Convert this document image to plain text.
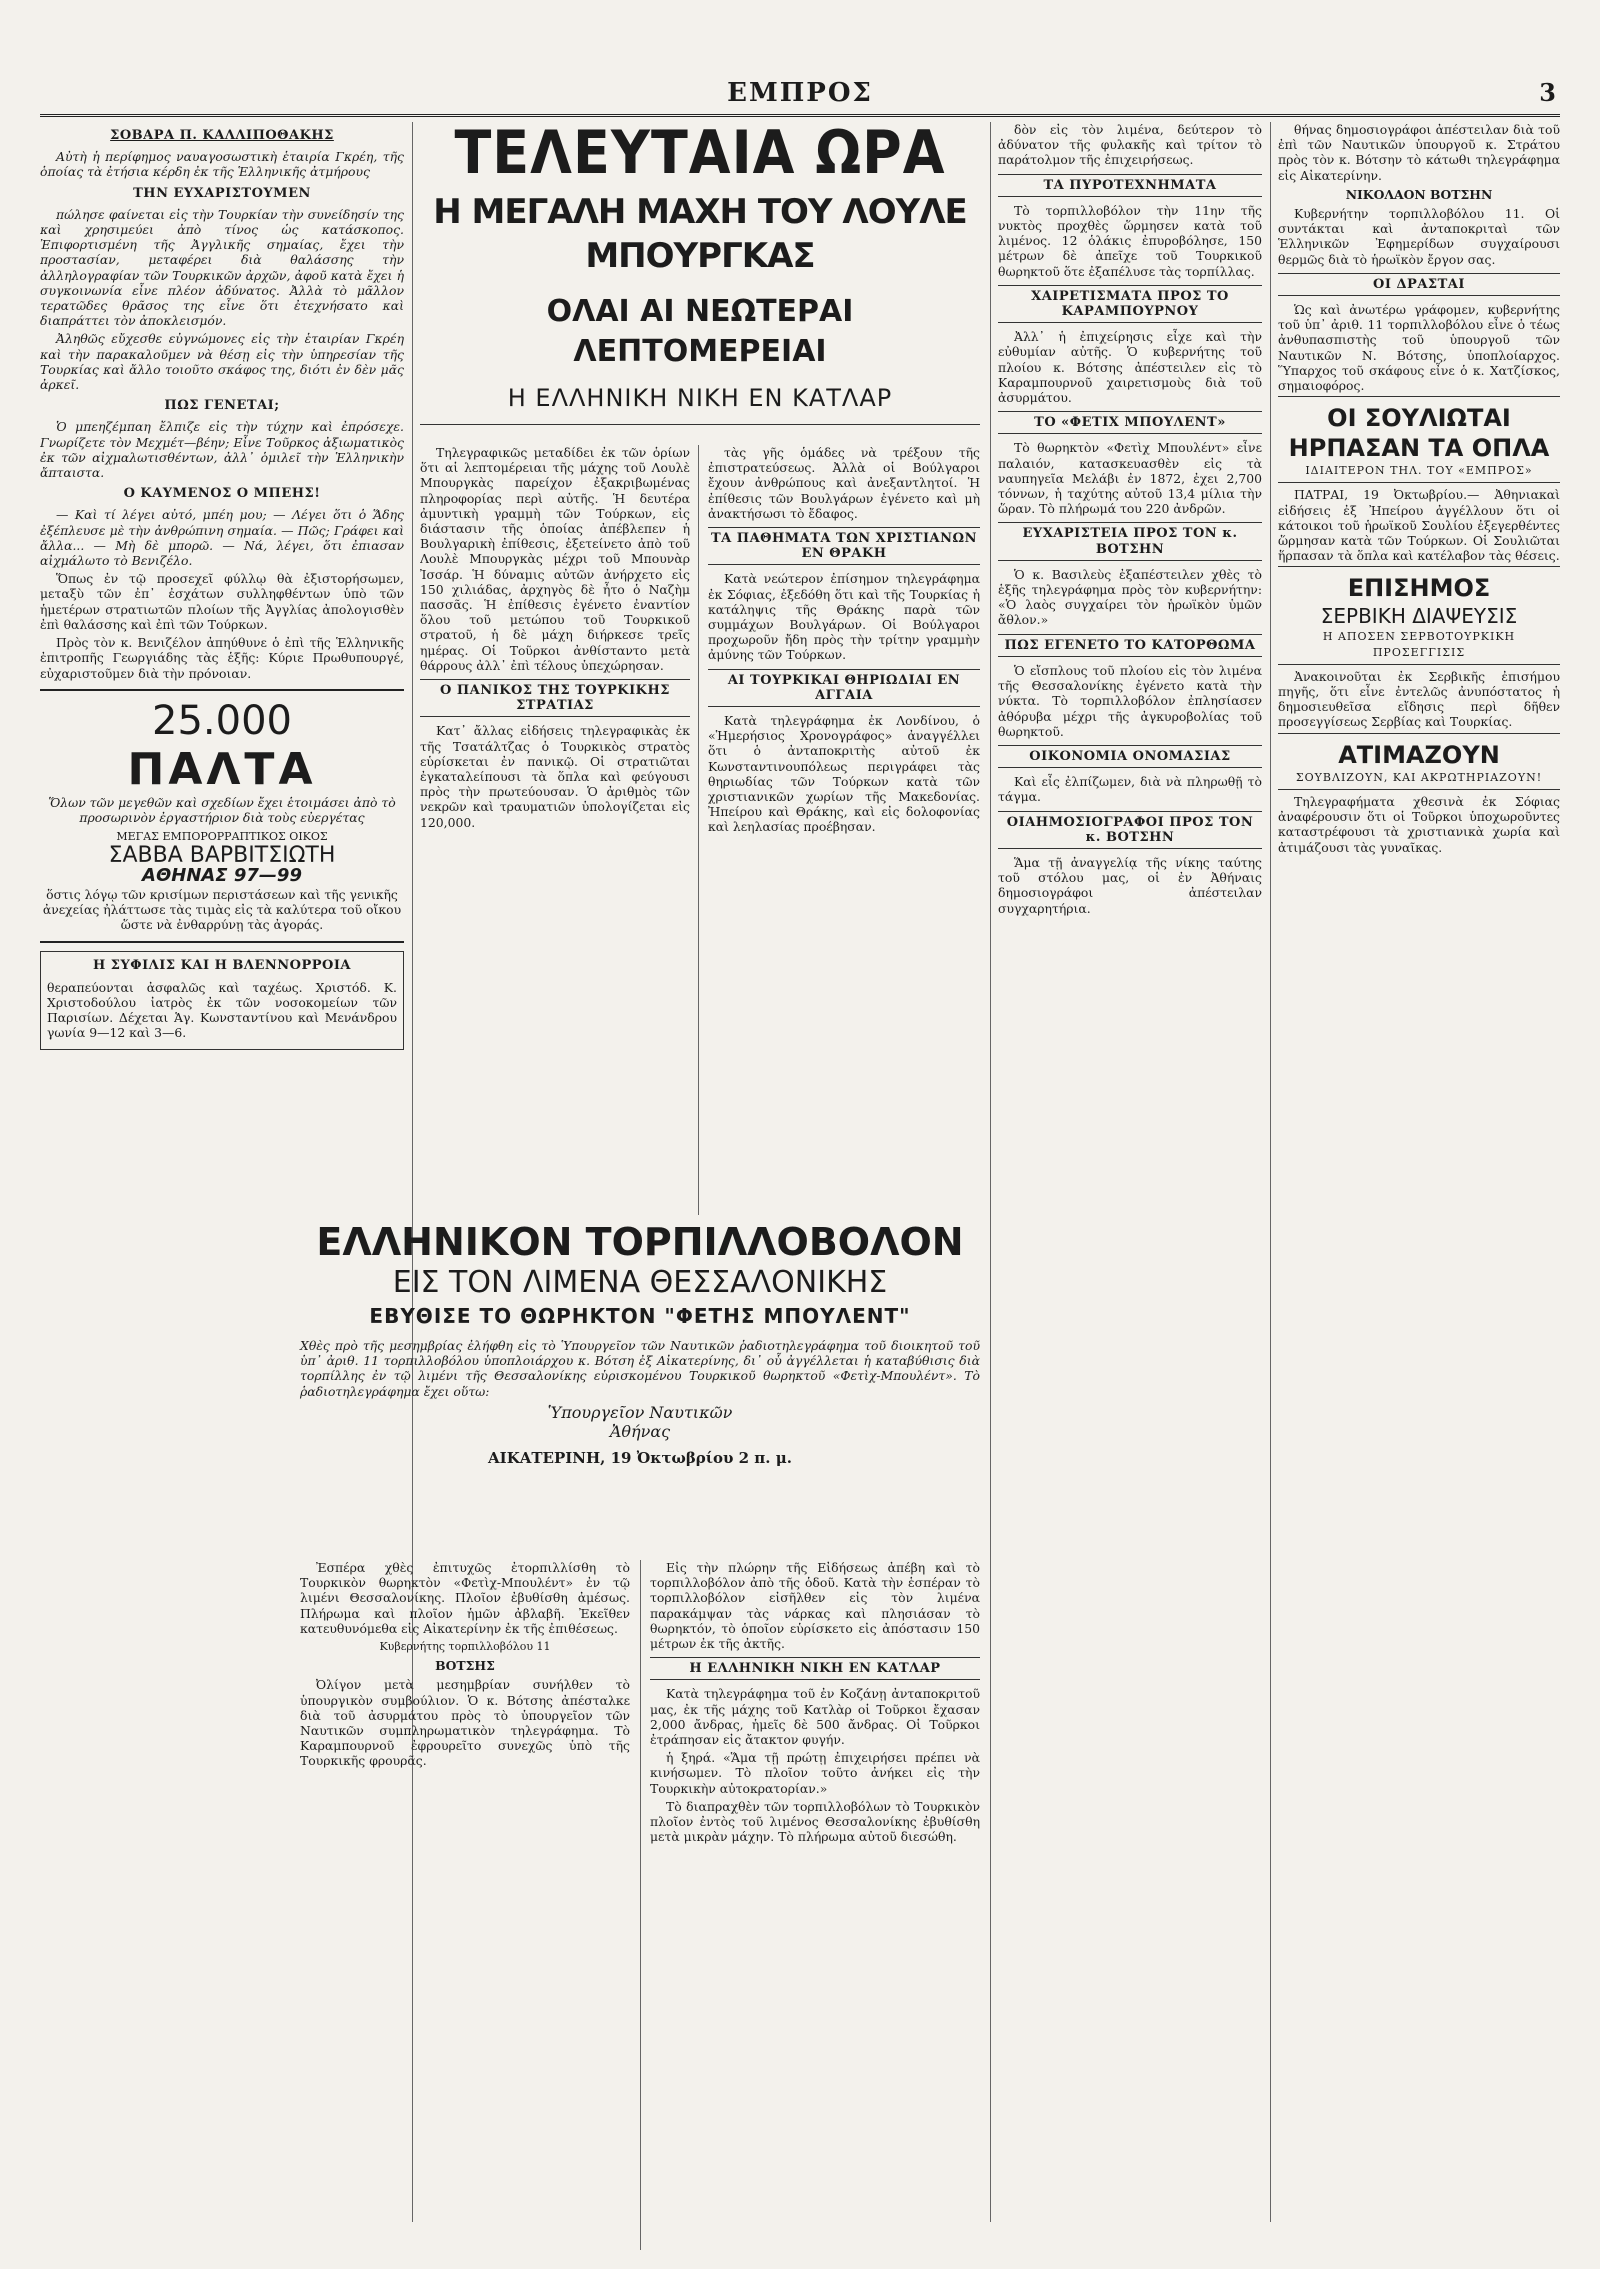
ΕΜΠΡΟΣ	3
ΣΟΒΑΡΑ Π. ΚΑΛΛΙΠΟΘΑΚΗΣ
Αὐτὴ ἡ περίφημος ναυαγοσωστικὴ ἑταιρία Γκρέη, τῆς ὁποίας τὰ ἐτήσια κέρδη ἐκ τῆς Ἑλληνικῆς ἀτμήρους
ΤΗΝ ΕΥΧΑΡΙΣΤΟΥΜΕΝ
πώλησε φαίνεται εἰς τὴν Τουρκίαν τὴν συνείδησίν της καὶ χρησιμεύει ἀπὸ τίνος ὡς κατάσκοπος. Ἐπιφορτισμένη τῆς Ἀγγλικῆς σημαίας, ἔχει τὴν προστασίαν, μεταφέρει διὰ θαλάσσης τὴν ἀλληλογραφίαν τῶν Τουρκικῶν ἀρχῶν, ἀφοῦ κατὰ ἔχει ἡ συγκοινωνία εἶνε πλέον ἀδύνατος. Ἀλλὰ τὸ μᾶλλον τερατῶδες θρᾶσος της εἶνε ὅτι ἐτεχνήσατο καὶ διαπράττει τὸν ἀποκλεισμόν.
Ἀληθῶς εὔχεσθε εὐγνώμονες εἰς τὴν ἑταιρίαν Γκρέη καὶ τὴν παρακαλοῦμεν νὰ θέσῃ εἰς τὴν ὑπηρεσίαν τῆς Τουρκίας καὶ ἄλλο τοιοῦτο σκάφος της, διότι ἐν δὲν μᾶς ἀρκεῖ.
ΠΩΣ ΓΕΝΕΤΑΙ;
Ὁ μπεηζέμπαη ἔλπιζε εἰς τὴν τύχην καὶ ἐπρόσεχε. Γνωρίζετε τὸν Μεχμέτ—βέην; Εἶνε Τοῦρκος ἀξιωματικὸς ἐκ τῶν αἰχμαλωτισθέντων, ἀλλ᾽ ὁμιλεῖ τὴν Ἑλληνικὴν ἄπταιστα.
Ο ΚΑΥΜΕΝΟΣ Ο ΜΠΕΗΣ!
— Καὶ τί λέγει αὐτό, μπέη μου; — Λέγει ὅτι ὁ Ἅδης ἐξέπλευσε μὲ τὴν ἀνθρώπινη σημαία. — Πῶς; Γράφει καὶ ἄλλα... — Μὴ δὲ μπορῶ. — Νά, λέγει, ὅτι ἐπιασαν αἰχμάλωτο τὸ Βενιζέλο.
Ὅπως ἐν τῷ προσεχεῖ φύλλῳ θὰ ἐξιστορήσωμεν, μεταξὺ τῶν ἐπ᾽ ἐσχάτων συλληφθέντων ὑπὸ τῶν ἡμετέρων στρατιωτῶν πλοίων τῆς Ἀγγλίας ἀπολογισθὲν ἐπὶ θαλάσσης καὶ ἐπὶ τῶν Τούρκων.
Πρὸς τὸν κ. Βενιζέλον ἀπηύθυνε ὁ ἐπὶ τῆς Ἑλληνικῆς ἐπιτροπῆς Γεωργιάδης τὰς ἑξῆς: Κύριε Πρωθυπουργέ, εὐχαριστοῦμεν διὰ τὴν πρόνοιαν.
25.000
ΠΑΛΤΑ
Ὅλων τῶν μεγεθῶν καὶ σχεδίων ἔχει ἑτοιμάσει ἀπὸ τὸ προσωρινὸν ἐργαστήριον διὰ τοὺς εὐεργέτας
ΜΕΓΑΣ ΕΜΠΟΡΟΡΡΑΠΤΙΚΟΣ ΟΙΚΟΣ
ΣΑΒΒΑ ΒΑΡΒΙΤΣΙΩΤΗ
ΑΘΗΝΑΣ 97—99
ὅστις λόγῳ τῶν κρισίμων περιστάσεων καὶ τῆς γενικῆς ἀνεχείας ἠλάττωσε τὰς τιμὰς εἰς τὰ καλύτερα τοῦ οἴκου ὥστε νὰ ἐνθαρρύνῃ τὰς ἀγοράς.
Η ΣΥΦΙΛΙΣ ΚΑΙ Η ΒΛΕΝΝΟΡΡΟΙΑ
θεραπεύονται ἀσφαλῶς καὶ ταχέως. Χριστόδ. Κ. Χριστοδούλου ἰατρὸς ἐκ τῶν νοσοκομείων τῶν Παρισίων. Δέχεται Ἁγ. Κωνσταντίνου καὶ Μενάνδρου γωνία 9—12 καὶ 3—6.
ΤΕΛΕΥΤΑΙΑ ΩΡΑ
Η ΜΕΓΑΛΗ ΜΑΧΗ ΤΟΥ ΛΟΥΛΕ ΜΠΟΥΡΓΚΑΣ
ΟΛΑΙ ΑΙ ΝΕΩΤΕΡΑΙ ΛΕΠΤΟΜΕΡΕΙΑΙ
Η ΕΛΛΗΝΙΚΗ ΝΙΚΗ ΕΝ ΚΑΤΛΑΡ
Τηλεγραφικῶς μεταδίδει ἐκ τῶν ὁρίων ὅτι αἱ λεπτομέρειαι τῆς μάχης τοῦ Λουλὲ Μπουργκὰς παρείχον ἐξακριβωμένας πληροφορίας περὶ αὐτῆς. Ἡ δευτέρα ἀμυντικὴ γραμμὴ τῶν Τούρκων, εἰς διάστασιν τῆς ὁποίας ἀπέβλεπεν ἡ Βουλγαρικὴ ἐπίθεσις, ἐξετείνετο ἀπὸ τοῦ Λουλὲ Μπουργκὰς μέχρι τοῦ Μπουνὰρ Ἰσσάρ. Ἡ δύναμις αὐτῶν ἀνήρχετο εἰς 150 χιλιάδας, ἀρχηγὸς δὲ ἦτο ὁ Ναζὴμ πασσᾶς. Ἡ ἐπίθεσις ἐγένετο ἐναντίον ὅλου τοῦ μετώπου τοῦ Τουρκικοῦ στρατοῦ, ἡ δὲ μάχη διήρκεσε τρεῖς ημέρας. Οἱ Τοῦρκοι ἀνθίσταντο μετὰ θάρρους ἀλλ᾽ ἐπὶ τέλους ὑπεχώρησαν.
Ο ΠΑΝΙΚΟΣ ΤΗΣ ΤΟΥΡΚΙΚΗΣ ΣΤΡΑΤΙΑΣ
Κατ᾽ ἄλλας εἰδήσεις τηλεγραφικὰς ἐκ τῆς Τσατάλτζας ὁ Τουρκικὸς στρατὸς εὑρίσκεται ἐν πανικῷ. Οἱ στρατιῶται ἐγκαταλείπουσι τὰ ὅπλα καὶ φεύγουσι πρὸς τὴν πρωτεύουσαν. Ὁ ἀριθμὸς τῶν νεκρῶν καὶ τραυματιῶν ὑπολογίζεται εἰς 120,000.
τὰς γῆς ὁμάδες νὰ τρέξουν τῆς ἐπιστρατεύσεως. Ἀλλὰ οἱ Βούλγαροι ἔχουν ἀνθρώπους καὶ ἀνεξαντλητοί. Ἡ ἐπίθεσις τῶν Βουλγάρων ἐγένετο καὶ μὴ ἀνακτήσωσι τὸ ἔδαφος.
ΤΑ ΠΑΘΗΜΑΤΑ ΤΩΝ ΧΡΙΣΤΙΑΝΩΝ ΕΝ ΘΡΑΚΗ
Κατὰ νεώτερον ἐπίσημον τηλεγράφημα ἐκ Σόφιας, ἐξεδόθη ὅτι καὶ τῆς Τουρκίας ἡ κατάληψις τῆς Θράκης παρὰ τῶν συμμάχων Βουλγάρων. Οἱ Βούλγαροι προχωροῦν ἤδη πρὸς τὴν τρίτην γραμμὴν ἀμύνης τῶν Τούρκων.
ΑΙ ΤΟΥΡΚΙΚΑΙ ΘΗΡΙΩΔΙΑΙ ΕΝ ΑΓΓΑΙΑ
Κατὰ τηλεγράφημα ἐκ Λονδίνου, ὁ «Ἡμερήσιος Χρονογράφος» ἀναγγέλλει ὅτι ὁ ἀνταποκριτὴς αὐτοῦ ἐκ Κωνσταντινουπόλεως περιγράφει τὰς θηριωδίας τῶν Τούρκων κατὰ τῶν χριστιανικῶν χωρίων τῆς Μακεδονίας. Ἠπείρου καὶ Θράκης, καὶ εἰς δολοφονίας καὶ λεηλασίας προέβησαν.
δὸν εἰς τὸν λιμένα, δεύτερον τὸ ἀδύνατον τῆς φυλακῆς καὶ τρίτον τὸ παράτολμον τῆς ἐπιχειρήσεως.
ΤΑ ΠΥΡΟΤΕΧΝΗΜΑΤΑ
Τὸ τορπιλλοβόλον τὴν 11ην τῆς νυκτὸς προχθὲς ὥρμησεν κατὰ τοῦ λιμένος. 12 ὁλάκις ἐπυροβόλησε, 150 μέτρων δὲ ἀπεῖχε τοῦ Τουρκικοῦ θωρηκτοῦ ὅτε ἐξαπέλυσε τὰς τορπίλλας.
ΧΑΙΡΕΤΙΣΜΑΤΑ ΠΡΟΣ ΤΟ ΚΑΡΑΜΠΟΥΡΝΟΥ
Ἀλλ᾽ ἡ ἐπιχείρησις εἶχε καὶ τὴν εὐθυμίαν αὐτῆς. Ὁ κυβερνήτης τοῦ πλοίου κ. Βότσης ἀπέστειλεν εἰς τὸ Καραμπουρνοῦ χαιρετισμοὺς διὰ τοῦ ἀσυρμάτου.
ΤΟ «ΦΕΤΙΧ ΜΠΟΥΛΕΝΤ»
Τὸ θωρηκτὸν «Φετὶχ Μπουλέντ» εἶνε παλαιόν, κατασκευασθὲν εἰς τὰ ναυπηγεῖα Μελάβι ἐν 1872, ἐχει 2,700 τόννων, ἡ ταχύτης αὐτοῦ 13,4 μίλια τὴν ὥραν. Τὸ πλήρωμά του 220 ἀνδρῶν.
ΕΥΧΑΡΙΣΤΕΙΑ ΠΡΟΣ ΤΟΝ κ. ΒΟΤΣΗΝ
Ὁ κ. Βασιλεὺς ἐξαπέστειλεν χθὲς τὸ ἑξῆς τηλεγράφημα πρὸς τὸν κυβερνήτην: «Ὁ λαὸς συγχαίρει τὸν ἡρωϊκὸν ὑμῶν ἄθλον.»
ΠΩΣ ΕΓΕΝΕΤΟ ΤΟ ΚΑΤΟΡΘΩΜΑ
Ὁ εἴσπλους τοῦ πλοίου εἰς τὸν λιμένα τῆς Θεσσαλονίκης ἐγένετο κατὰ τὴν νύκτα. Τὸ τορπιλλοβόλον ἐπλησίασεν ἀθόρυβα μέχρι τῆς ἀγκυροβολίας τοῦ θωρηκτοῦ.
ΟΙΚΟΝΟΜΙΑ ΟΝΟΜΑΣΙΑΣ
Καὶ εἶς ἐλπίζωμεν, διὰ νὰ πληρωθῇ τὸ τάγμα.
ΟΙΑΗΜΟΣΙΟΓΡΑΦΟΙ ΠΡΟΣ ΤΟΝ κ. ΒΟΤΣΗΝ
Ἅμα τῇ ἀναγγελίᾳ τῆς νίκης ταύτης τοῦ στόλου μας, οἱ ἐν Ἀθήναις δημοσιογράφοι ἀπέστειλαν συγχαρητήρια.
θήνας δημοσιογράφοι ἀπέστειλαν διὰ τοῦ ἐπὶ τῶν Ναυτικῶν ὑπουργοῦ κ. Στράτου πρὸς τὸν κ. Βότσην τὸ κάτωθι τηλεγράφημα εἰς Αἰκατερίνην.
ΝΙΚΟΛΑΟΝ ΒΟΤΣΗΝ
Κυβερνήτην τορπιλλοβόλου 11. Οἱ συντάκται καὶ ἀνταποκριταὶ τῶν Ἑλληνικῶν Ἐφημερίδων συγχαίρουσι θερμῶς διὰ τὸ ἡρωϊκὸν ἔργον σας.
ΟΙ ΔΡΑΣΤΑΙ
Ὡς καὶ ἀνωτέρω γράφομεν, κυβερνήτης τοῦ ὑπ᾽ ἀριθ. 11 τορπιλλοβόλου εἶνε ὁ τέως ἀνθυπασπιστὴς τοῦ ὑπουργοῦ τῶν Ναυτικῶν Ν. Βότσης, ὑποπλοίαρχος. Ὕπαρχος τοῦ σκάφους εἶνε ὁ κ. Χατζίσκος, σημαιοφόρος.
ΟΙ ΣΟΥΛΙΩΤΑΙ ΗΡΠΑΣΑΝ ΤΑ ΟΠΛΑ
ΙΔΙΑΙΤΕΡΟΝ ΤΗΛ. ΤΟΥ «ΕΜΠΡΟΣ»
ΠΑΤΡΑΙ, 19 Ὀκτωβρίου.— Ἀθηνιακαὶ εἰδήσεις ἐξ Ἠπείρου ἀγγέλλουν ὅτι οἱ κάτοικοι τοῦ ἡρωϊκοῦ Σουλίου ἐξεγερθέντες ὥρμησαν κατὰ τῶν Τούρκων. Οἱ Σουλιῶται ἥρπασαν τὰ ὅπλα καὶ κατέλαβον τὰς θέσεις.
ΕΠΙΣΗΜΟΣ
ΣΕΡΒΙΚΗ ΔΙΑΨΕΥΣΙΣ
Η ΑΠΟΣΕΝ ΣΕΡΒΟΤΟΥΡΚΙΚΗ ΠΡΟΣΕΓΓΙΣΙΣ
Ἀνακοινοῦται ἐκ Σερβικῆς ἐπισήμου πηγῆς, ὅτι εἶνε ἐντελῶς ἀνυπόστατος ἡ δημοσιευθεῖσα εἴδησις περὶ δῆθεν προσεγγίσεως Σερβίας καὶ Τουρκίας.
ΑΤΙΜΑΖΟΥΝ
ΣΟΥΒΛΙΖΟΥΝ, ΚΑΙ ΑΚΡΩΤΗΡΙΑΖΟΥΝ!
Τηλεγραφήματα χθεσινὰ ἐκ Σόφιας ἀναφέρουσιν ὅτι οἱ Τοῦρκοι ὑποχωροῦντες καταστρέφουσι τὰ χριστιανικὰ χωρία καὶ ἀτιμάζουσι τὰς γυναῖκας.
ΕΛΛΗΝΙΚΟΝ ΤΟΡΠΙΛΛΟΒΟΛΟΝ
ΕΙΣ ΤΟΝ ΛΙΜΕΝΑ ΘΕΣΣΑΛΟΝΙΚΗΣ
ΕΒΥΘΙΣΕ ΤΟ ΘΩΡΗΚΤΟΝ "ΦΕΤΗΣ ΜΠΟΥΛΕΝΤ"
Χθὲς πρὸ τῆς μεσημβρίας ἐλήφθη εἰς τὸ Ὑπουργεῖον τῶν Ναυτικῶν ῥαδιοτηλεγράφημα τοῦ διοικητοῦ τοῦ ὑπ᾽ ἀριθ. 11 τορπιλλοβόλου ὑποπλοιάρχου κ. Βότση ἐξ Αἰκατερίνης, δι᾽ οὗ ἀγγέλλεται ἡ καταβύθισις διὰ τορπίλλης ἐν τῷ λιμένι τῆς Θεσσαλονίκης εὑρισκομένου Τουρκικοῦ θωρηκτοῦ «Φετὶχ-Μπουλέντ». Τὸ ῥαδιοτηλεγράφημα ἔχει οὕτω:
Ὑπουργεῖον Ναυτικῶν
Ἀθήνας
ΑΙΚΑΤΕΡΙΝΗ, 19 Ὀκτωβρίου 2 π. μ.
Ἐσπέρα χθὲς ἐπιτυχῶς ἐτορπιλλίσθη τὸ Τουρκικὸν θωρηκτὸν «Φετὶχ-Μπουλέντ» ἐν τῷ λιμένι Θεσσαλονίκης. Πλοῖον ἐβυθίσθη ἀμέσως. Πλήρωμα καὶ πλοῖον ἡμῶν ἀβλαβῆ. Ἐκεῖθεν κατευθυνόμεθα εἰς Αἰκατερίνην ἐκ τῆς ἐπιθέσεως.
Κυβερνήτης τορπιλλοβόλου 11
ΒΟΤΣΗΣ
Ὀλίγον μετὰ μεσημβρίαν συνήλθεν τὸ ὑπουργικὸν συμβούλιον. Ὁ κ. Βότσης ἀπέσταλκε διὰ τοῦ ἀσυρμάτου πρὸς τὸ ὑπουργεῖον τῶν Ναυτικῶν συμπληρωματικὸν τηλεγράφημα. Τὸ Καραμπουρνοῦ ἐφρουρεῖτο συνεχῶς ὑπὸ τῆς Τουρκικῆς φρουρᾶς.
Εἰς τὴν πλώρην τῆς Εἰδήσεως ἀπέβη καὶ τὸ τορπιλλοβόλον ἀπὸ τῆς ὁδοῦ. Κατὰ τὴν ἑσπέραν τὸ τορπιλλοβόλον εἰσῆλθεν εἰς τὸν λιμένα παρακάμψαν τὰς νάρκας καὶ πλησιάσαν τὸ θωρηκτόν, τὸ ὁποῖον εὑρίσκετο εἰς ἀπόστασιν 150 μέτρων ἐκ τῆς ἀκτῆς.
Η ΕΛΛΗΝΙΚΗ ΝΙΚΗ ΕΝ ΚΑΤΛΑΡ
Κατὰ τηλεγράφημα τοῦ ἐν Κοζάνῃ ἀνταποκριτοῦ μας, ἐκ τῆς μάχης τοῦ Κατλὰρ οἱ Τοῦρκοι ἔχασαν 2,000 ἄνδρας, ἡμεῖς δὲ 500 ἄνδρας. Οἱ Τοῦρκοι ἐτράπησαν εἰς ἄτακτον φυγήν.
ἡ ξηρά. «Ἅμα τῇ πρώτῃ ἐπιχειρήσει πρέπει νὰ κινήσωμεν. Τὸ πλοῖον τοῦτο ἀνήκει εἰς τὴν Τουρκικὴν αὐτοκρατορίαν.»
Τὸ διαπραχθὲν τῶν τορπιλλοβόλων τὸ Τουρκικὸν πλοῖον ἐντὸς τοῦ λιμένος Θεσσαλονίκης ἐβυθίσθη μετὰ μικρὰν μάχην. Τὸ πλήρωμα αὐτοῦ διεσώθη.
